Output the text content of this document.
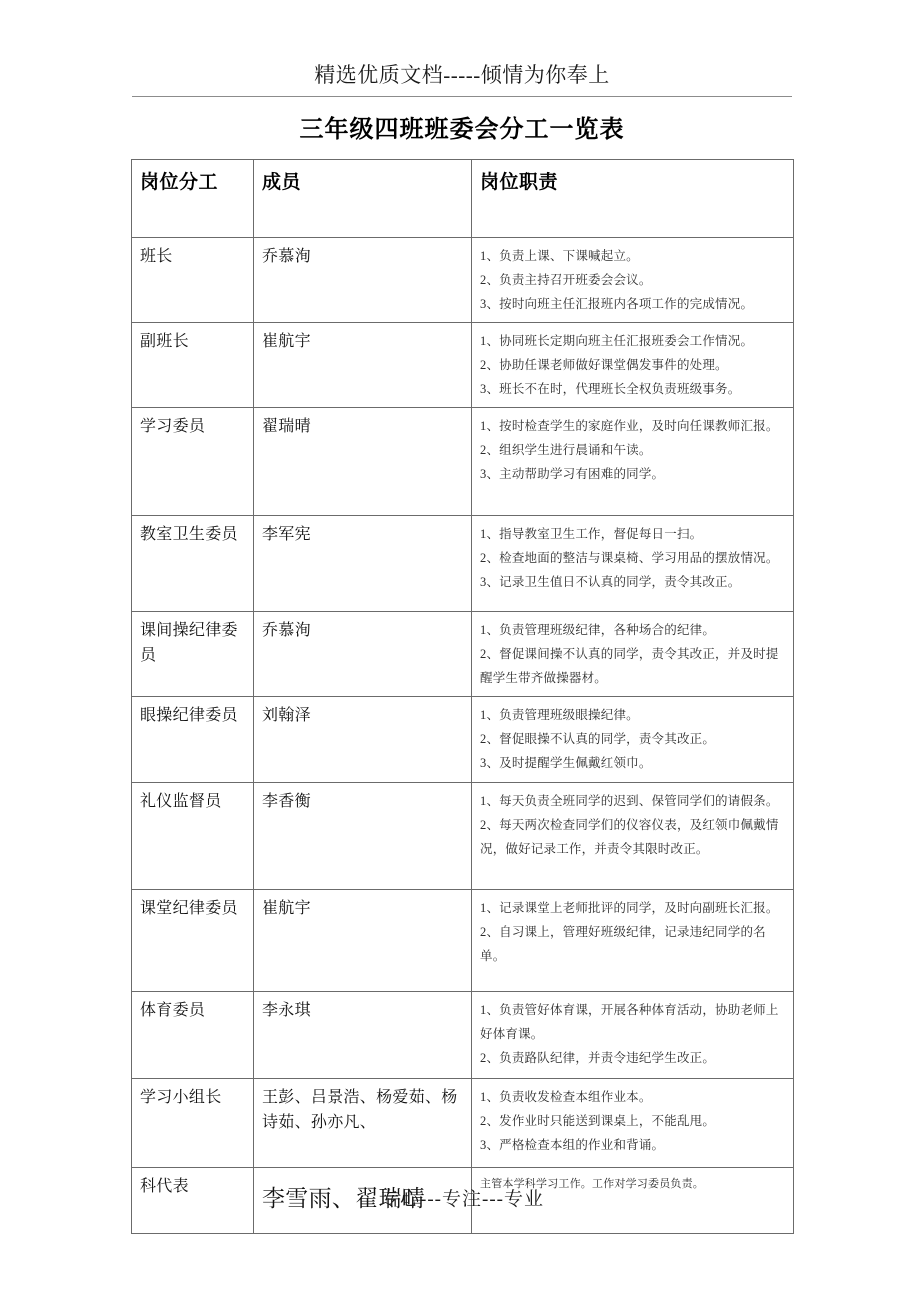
精选优质文档-----倾情为你奉上
三年级四班班委会分工一览表
岗位分工	成员	岗位职责
班长	乔慕洵	1、负责上课、下课喊起立。
2、负责主持召开班委会会议。
3、按时向班主任汇报班内各项工作的完成情况。

副班长	崔航宇	1、协同班长定期向班主任汇报班委会工作情况。
2、协助任课老师做好课堂偶发事件的处理。
3、班长不在时，代理班长全权负责班级事务。

学习委员	翟瑞晴	1、按时检查学生的家庭作业，及时向任课教师汇报。
2、组织学生进行晨诵和午读。
3、主动帮助学习有困难的同学。

教室卫生委员	李军宪	1、指导教室卫生工作，督促每日一扫。
2、检查地面的整洁与课桌椅、学习用品的摆放情况。
3、记录卫生值日不认真的同学，责令其改正。

课间操纪律委员	乔慕洵	1、负责管理班级纪律，各种场合的纪律。
2、督促课间操不认真的同学，责令其改正，并及时提醒学生带齐做操器材。

眼操纪律委员	刘翰泽	1、负责管理班级眼操纪律。
2、督促眼操不认真的同学，责令其改正。
3、及时提醒学生佩戴红领巾。

礼仪监督员	李香衡	1、每天负责全班同学的迟到、保管同学们的请假条。
2、每天两次检查同学们的仪容仪表，及红领巾佩戴情况，做好记录工作，并责令其限时改正。

课堂纪律委员	崔航宇	1、记录课堂上老师批评的同学，及时向副班长汇报。
2、自习课上，管理好班级纪律，记录违纪同学的名单。

体育委员	李永琪	1、负责管好体育课，开展各种体育活动，协助老师上好体育课。
2、负责路队纪律，并责令违纪学生改正。

学习小组长	王彭、吕景浩、杨爱茹、杨诗茹、孙亦凡、	1、负责收发检查本组作业本。
2、发作业时只能送到课桌上，不能乱甩。
3、严格检查本组的作业和背诵。

科代表	李雪雨、翟瑞晴	主管本学科学习工作。工作对学习委员负责。
专心---专注---专业
